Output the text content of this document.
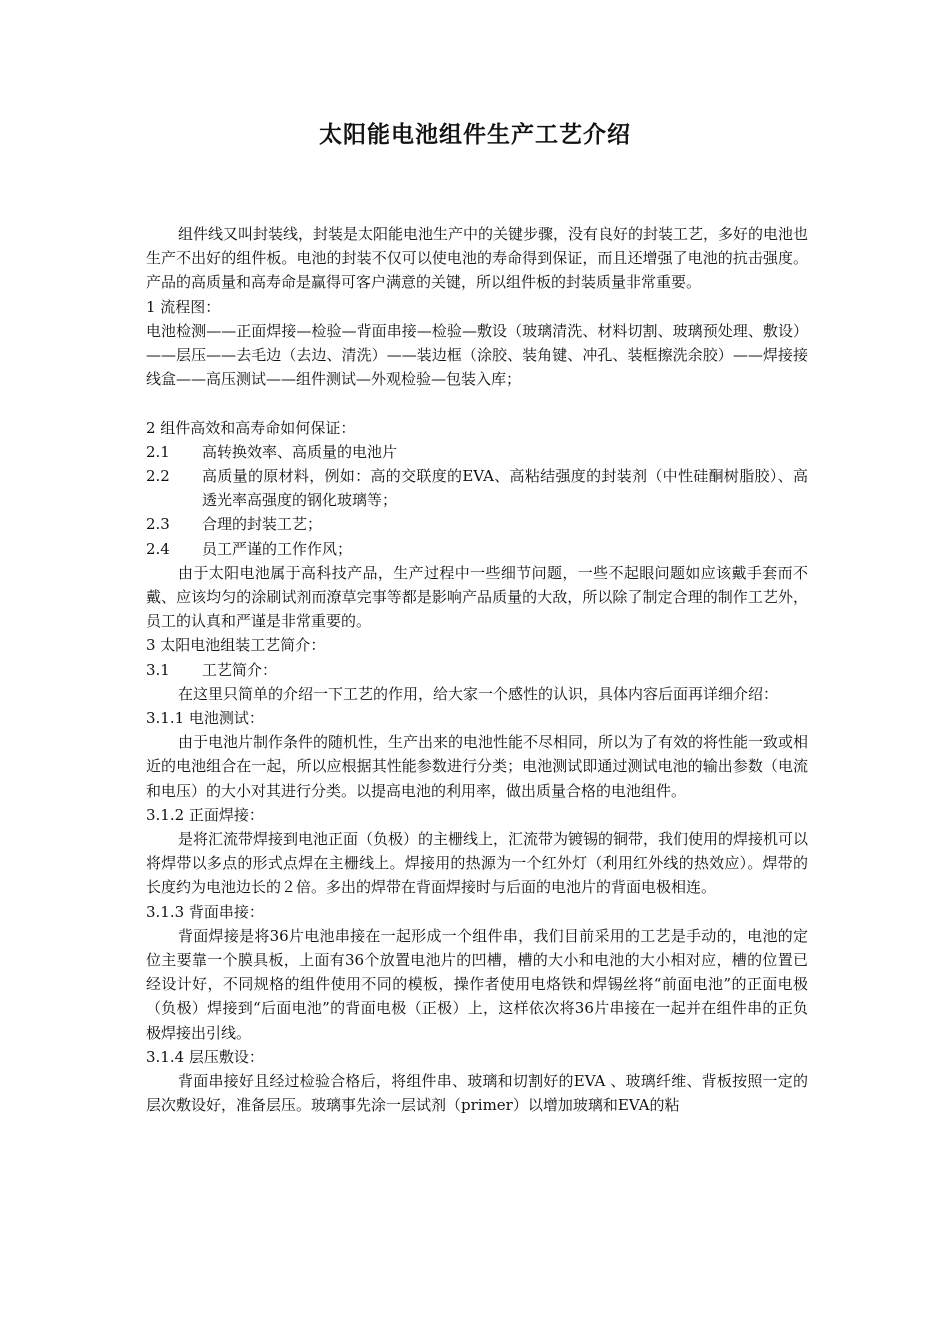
太阳能电池组件生产工艺介绍

组件线又叫封装线，封装是太阳能电池生产中的关键步骤，没有良好的封装工艺，多好的电池也生产不出好的组件板。电池的封装不仅可以使电池的寿命得到保证，而且还增强了电池的抗击强度。产品的高质量和高寿命是赢得可客户满意的关键，所以组件板的封装质量非常重要。

1 流程图：

电池检测——正面焊接—检验—背面串接—检验—敷设（玻璃清洗、材料切割、玻璃预处理、敷设）——层压——去毛边（去边、清洗）——装边框（涂胶、装角键、冲孔、装框擦洗余胶）——焊接接线盒——高压测试——组件测试—外观检验—包装入库；

2 组件高效和高寿命如何保证：

2.1	高转换效率、高质量的电池片
2.2	高质量的原材料，例如：高的交联度的EVA、高粘结强度的封装剂（中性硅酮树脂胶）、高透光率高强度的钢化玻璃等；
2.3	合理的封装工艺；
2.4	员工严谨的工作作风；

由于太阳电池属于高科技产品，生产过程中一些细节问题，一些不起眼问题如应该戴手套而不戴、应该均匀的涂刷试剂而潦草完事等都是影响产品质量的大敌，所以除了制定合理的制作工艺外，员工的认真和严谨是非常重要的。

3 太阳电池组装工艺简介：

3.1	工艺简介：

在这里只简单的介绍一下工艺的作用，给大家一个感性的认识，具体内容后面再详细介绍：

3.1.1 电池测试：

由于电池片制作条件的随机性，生产出来的电池性能不尽相同，所以为了有效的将性能一致或相近的电池组合在一起，所以应根据其性能参数进行分类；电池测试即通过测试电池的输出参数（电流和电压）的大小对其进行分类。以提高电池的利用率，做出质量合格的电池组件。

3.1.2 正面焊接：

是将汇流带焊接到电池正面（负极）的主栅线上，汇流带为镀锡的铜带，我们使用的焊接机可以将焊带以多点的形式点焊在主栅线上。焊接用的热源为一个红外灯（利用红外线的热效应）。焊带的长度约为电池边长的２倍。多出的焊带在背面焊接时与后面的电池片的背面电极相连。

3.1.3 背面串接：

背面焊接是将36片电池串接在一起形成一个组件串，我们目前采用的工艺是手动的，电池的定位主要靠一个膜具板，上面有36个放置电池片的凹槽，槽的大小和电池的大小相对应，槽的位置已经设计好，不同规格的组件使用不同的模板，操作者使用电烙铁和焊锡丝将“前面电池”的正面电极（负极）焊接到“后面电池”的背面电极（正极）上，这样依次将36片串接在一起并在组件串的正负极焊接出引线。

3.1.4 层压敷设：

背面串接好且经过检验合格后，将组件串、玻璃和切割好的EVA 、玻璃纤维、背板按照一定的层次敷设好，准备层压。玻璃事先涂一层试剂（primer）以增加玻璃和EVA的粘
